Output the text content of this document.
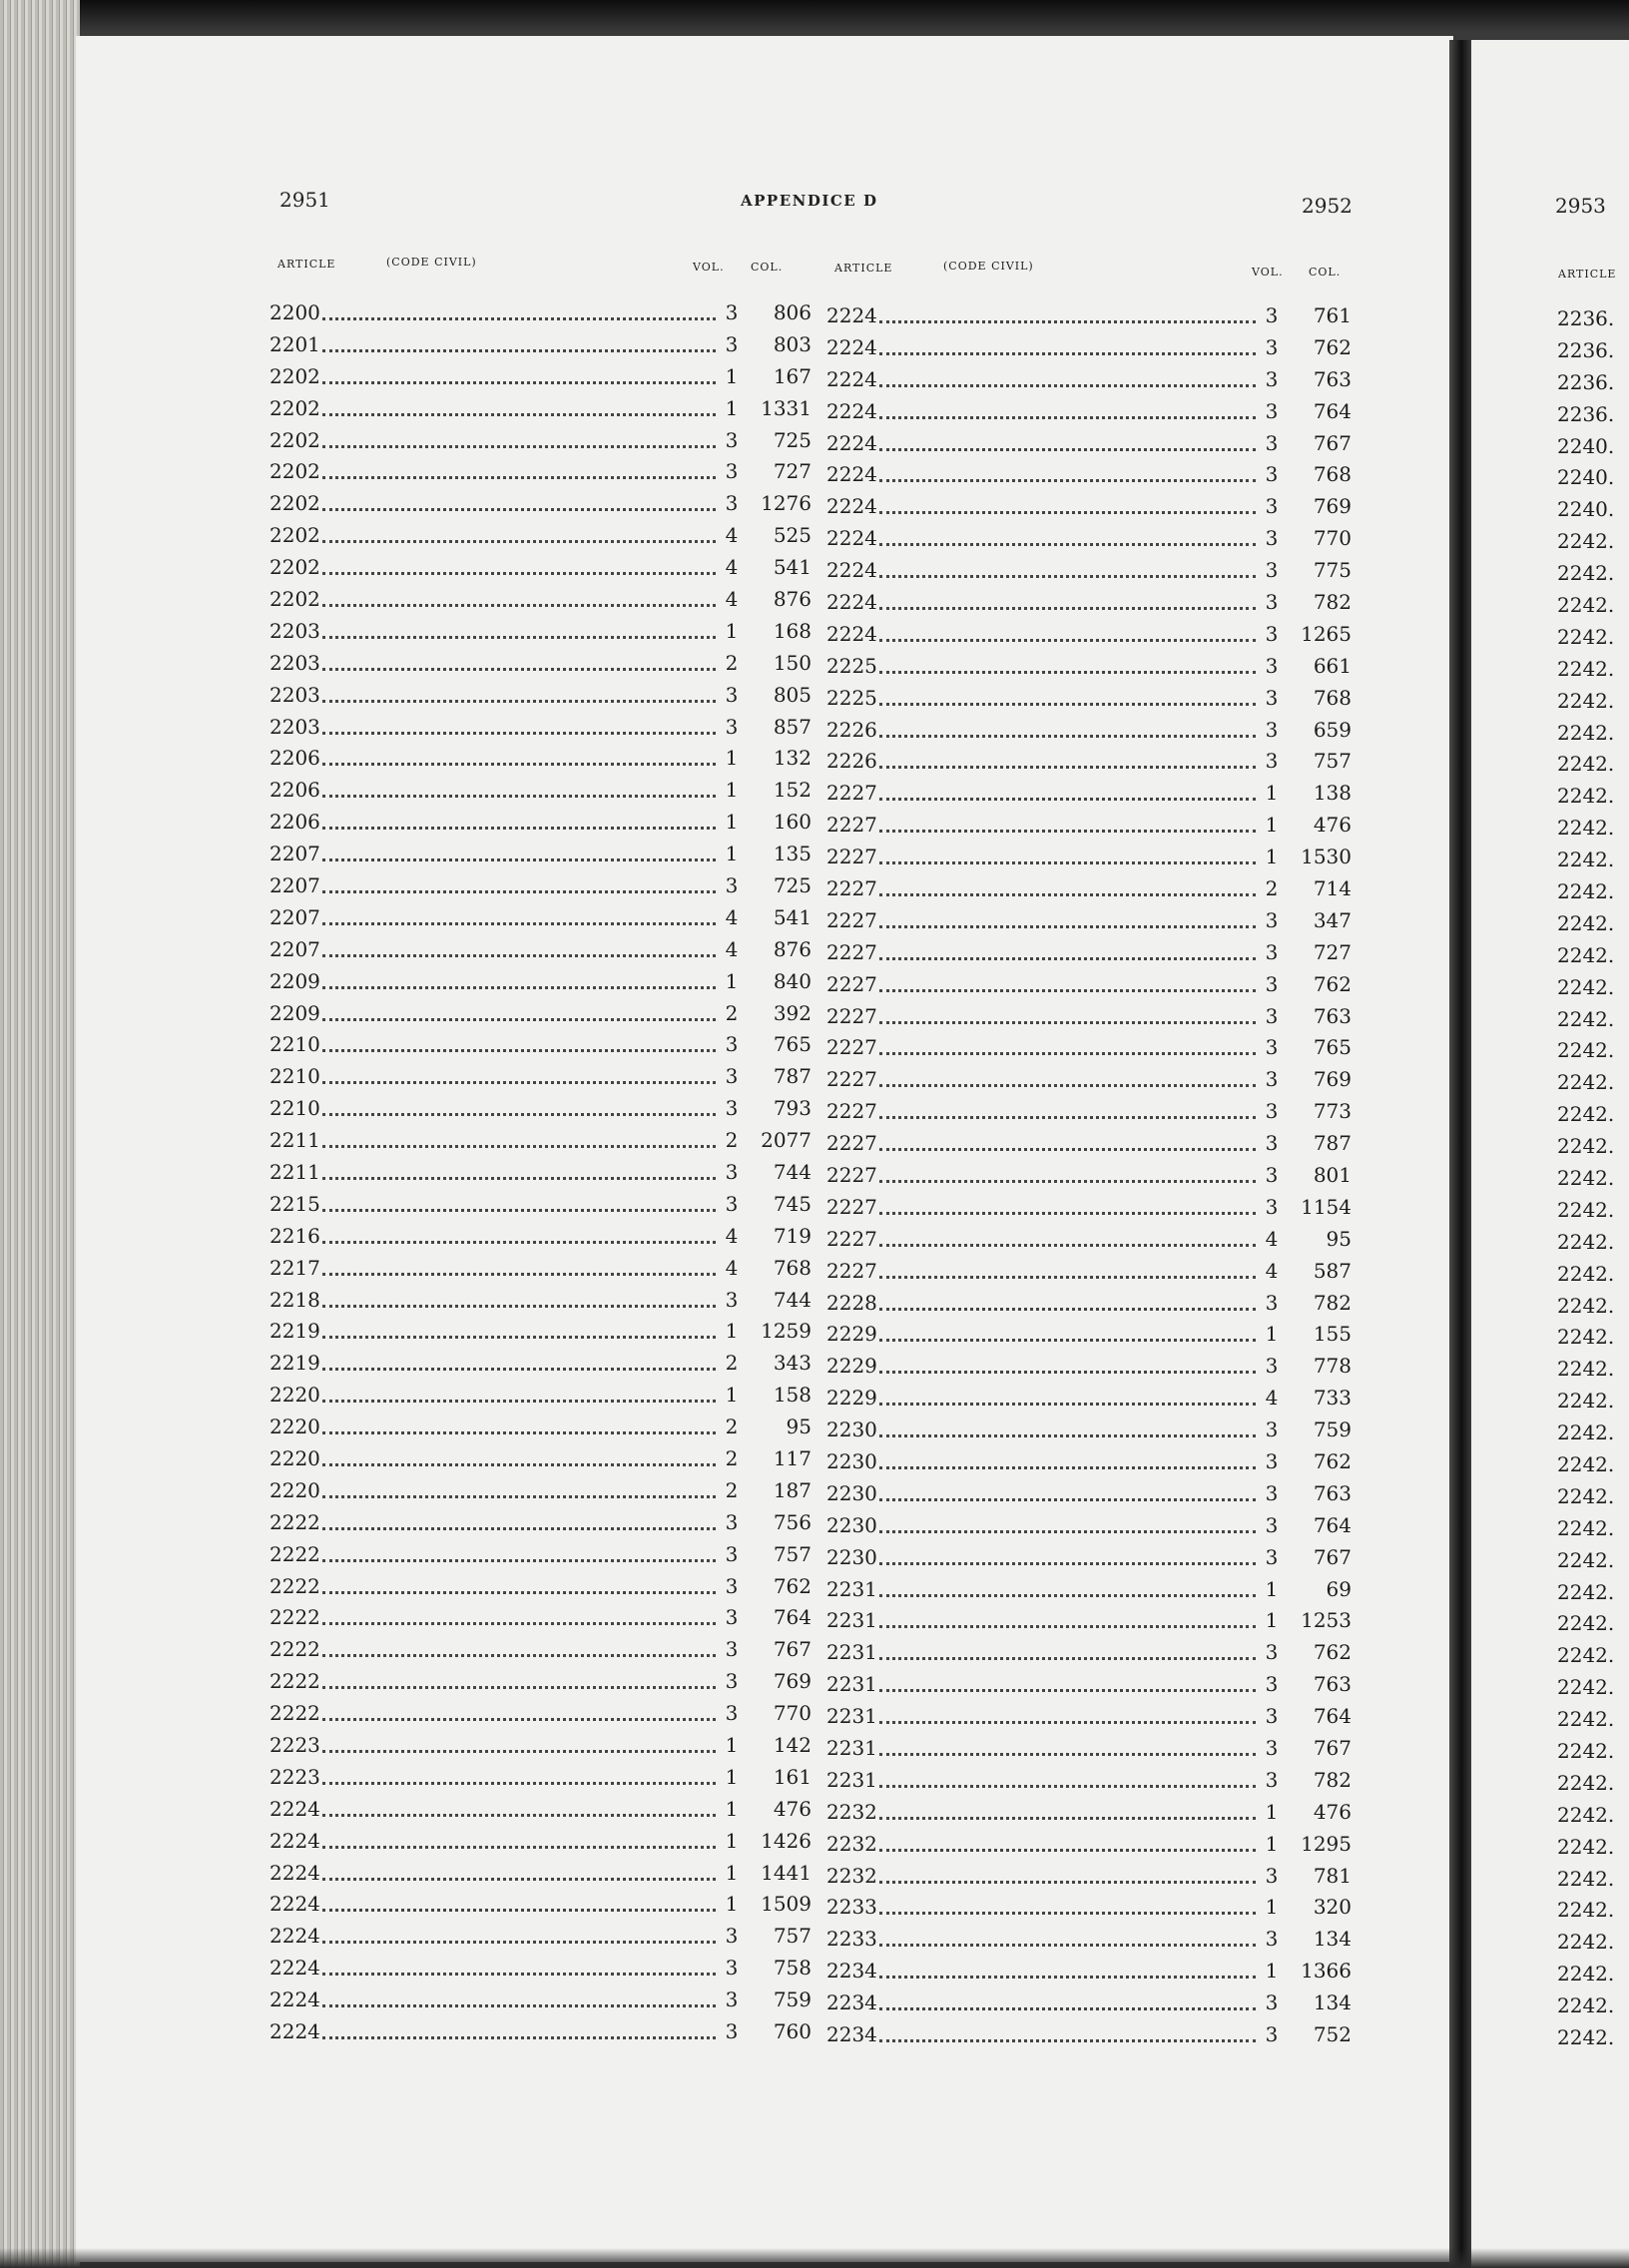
2951	APPENDICE D	2952	2953
ARTICLE	(CODE CIVIL)	VOL. COL.	ARTICLE	(CODE CIVIL)	VOL. COL.	ARTICLE
2200	3	806
2201	3	803
2202	1	167
2202	1	1331
2202	3	725
2202	3	727
2202	3	1276
2202	4	525
2202	4	541
2202	4	876
2203	1	168
2203	2	150
2203	3	805
2203	3	857
2206	1	132
2206	1	152
2206	1	160
2207	1	135
2207	3	725
2207	4	541
2207	4	876
2209	1	840
2209	2	392
2210	3	765
2210	3	787
2210	3	793
2211	2	2077
2211	3	744
2215	3	745
2216	4	719
2217	4	768
2218	3	744
2219	1	1259
2219	2	343
2220	1	158
2220	2	95
2220	2	117
2220	2	187
2222	3	756
2222	3	757
2222	3	762
2222	3	764
2222	3	767
2222	3	769
2222	3	770
2223	1	142
2223	1	161
2224	1	476
2224	1	1426
2224	1	1441
2224	1	1509
2224	3	757
2224	3	758
2224	3	759
2224	3	760
2224	3	761
2224	3	762
2224	3	763
2224	3	764
2224	3	767
2224	3	768
2224	3	769
2224	3	770
2224	3	775
2224	3	782
2224	3	1265
2225	3	661
2225	3	768
2226	3	659
2226	3	757
2227	1	138
2227	1	476
2227	1	1530
2227	2	714
2227	3	347
2227	3	727
2227	3	762
2227	3	763
2227	3	765
2227	3	769
2227	3	773
2227	3	787
2227	3	801
2227	3	1154
2227	4	95
2227	4	587
2228	3	782
2229	1	155
2229	3	778
2229	4	733
2230	3	759
2230	3	762
2230	3	763
2230	3	764
2230	3	767
2231	1	69
2231	1	1253
2231	3	762
2231	3	763
2231	3	764
2231	3	767
2231	3	782
2232	1	476
2232	1	1295
2232	3	781
2233	1	320
2233	3	134
2234	1	1366
2234	3	134
2234	3	752
2236.
2236.
2236.
2236.
2240.
2240.
2240.
2242.
2242.
2242.
2242.
2242.
2242.
2242.
2242.
2242.
2242.
2242.
2242.
2242.
2242.
2242.
2242.
2242.
2242.
2242.
2242.
2242.
2242.
2242.
2242.
2242.
2242.
2242.
2242.
2242.
2242.
2242.
2242.
2242.
2242.
2242.
2242.
2242.
2242.
2242.
2242.
2242.
2242.
2242.
2242.
2242.
2242.
2242.
2242.
